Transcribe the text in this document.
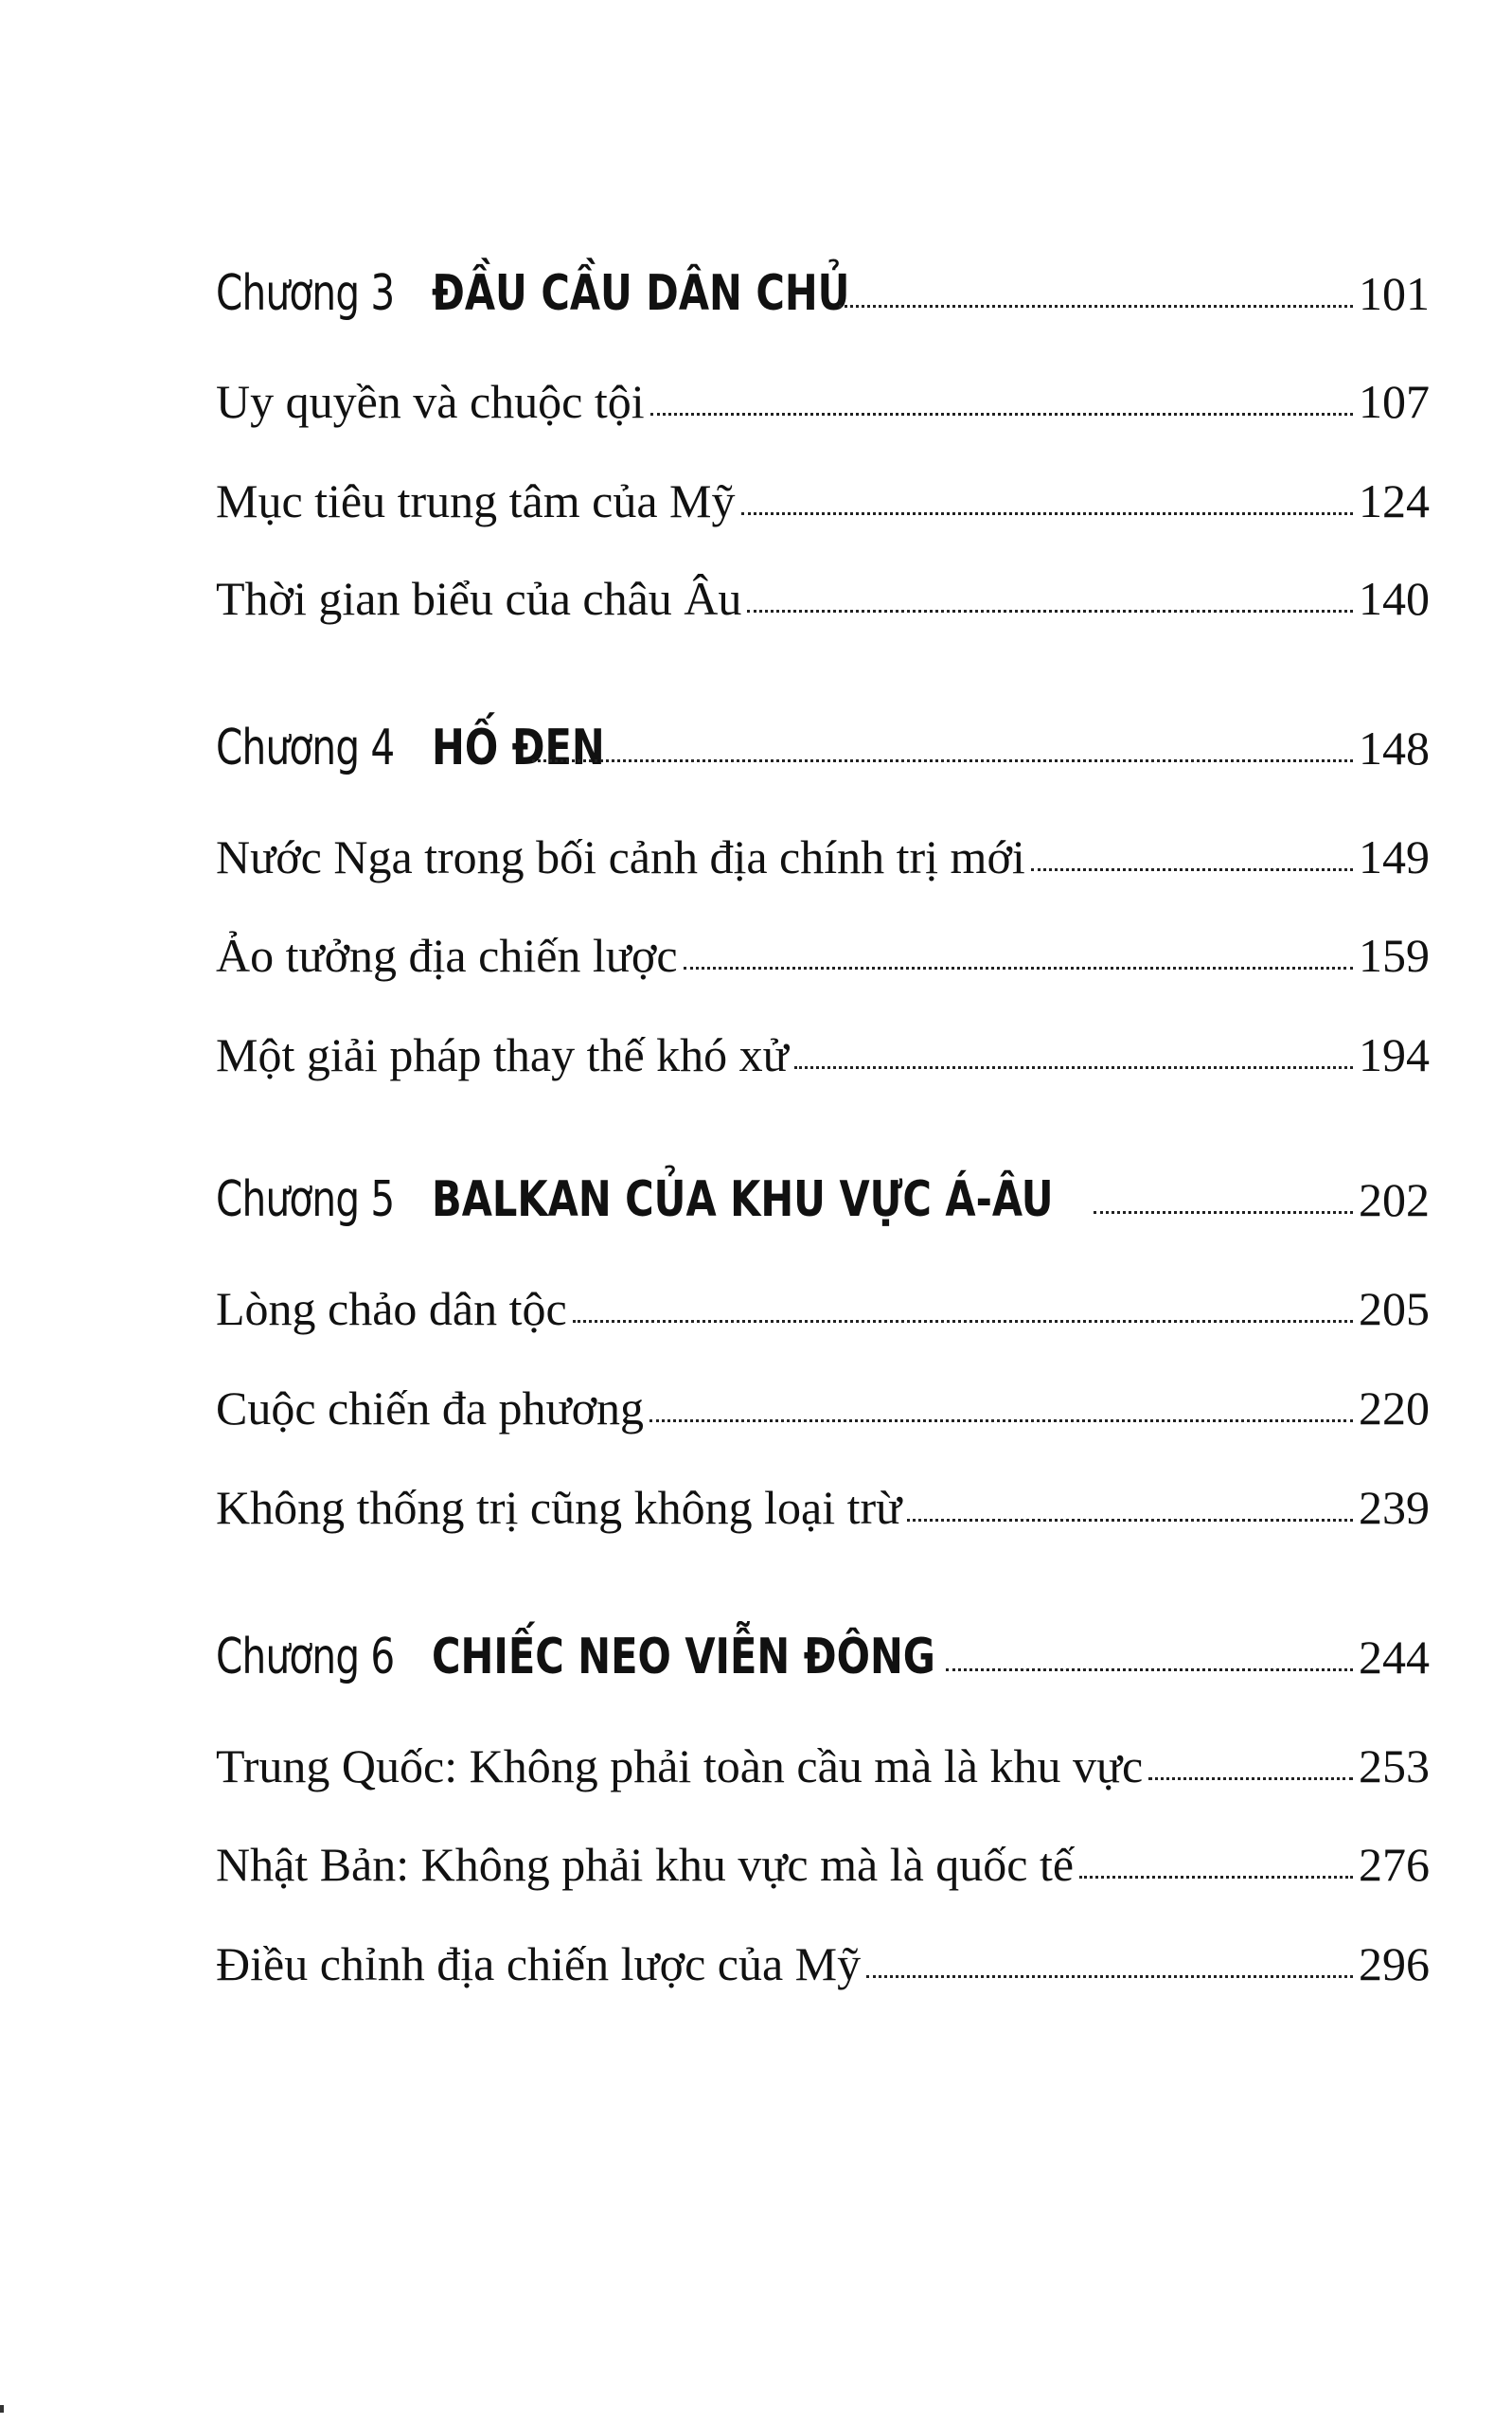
Chương 3 ĐẦU CẦU DÂN CHỦ	101
Uy quyền và chuộc tội	107
Mục tiêu trung tâm của Mỹ	124
Thời gian biểu của châu Âu	140
Chương 4 HỐ ĐEN	148
Nước Nga trong bối cảnh địa chính trị mới	149
Ảo tưởng địa chiến lược	159
Một giải pháp thay thế khó xử	194
Chương 5 BALKAN CỦA KHU VỰC Á-ÂU	202
Lòng chảo dân tộc	205
Cuộc chiến đa phương	220
Không thống trị cũng không loại trừ	239
Chương 6 CHIẾC NEO VIỄN ĐÔNG	244
Trung Quốc: Không phải toàn cầu mà là khu vực	253
Nhật Bản: Không phải khu vực mà là quốc tế	276
Điều chỉnh địa chiến lược của Mỹ	296
